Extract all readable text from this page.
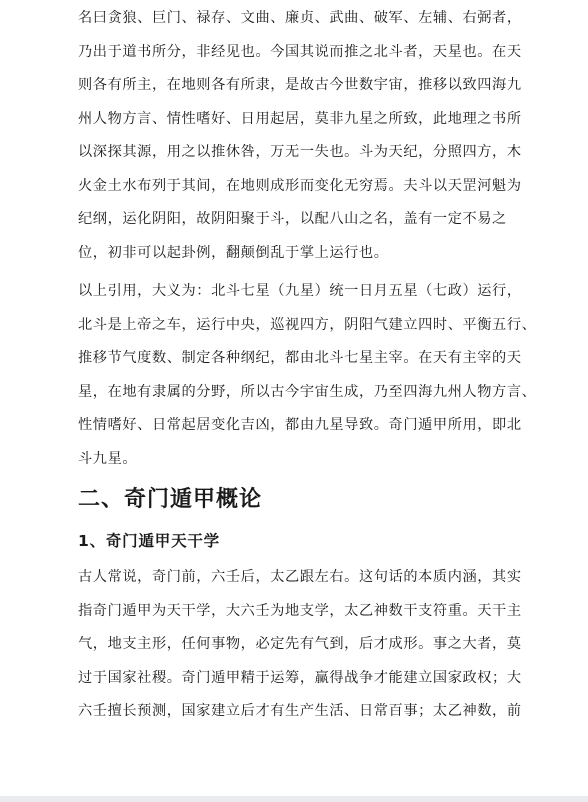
名曰贪狼、巨门、禄存、文曲、廉贞、武曲、破军、左辅、右弼者，
乃出于道书所分，非经见也。今国其说而推之北斗者，天星也。在天
则各有所主，在地则各有所隶，是故古今世数宇宙，推移以致四海九
州人物方言、情性嗜好、日用起居，莫非九星之所致，此地理之书所
以深探其源，用之以推休咎，万无一失也。斗为天纪，分照四方，木
火金土水布列于其间，在地则成形而变化无穷焉。夫斗以天罡河魁为
纪纲，运化阴阳，故阴阳聚于斗，以配八山之名，盖有一定不易之
位，初非可以起卦例，翻颠倒乱于掌上运行也。
以上引用，大义为：北斗七星（九星）统一日月五星（七政）运行，
北斗是上帝之车，运行中央，巡视四方，阴阳气建立四时、平衡五行、
推移节气度数、制定各种纲纪，都由北斗七星主宰。在天有主宰的天
星，在地有隶属的分野，所以古今宇宙生成，乃至四海九州人物方言、
性情嗜好、日常起居变化吉凶，都由九星导致。奇门遁甲所用，即北
斗九星。
二、奇门遁甲概论
1、奇门遁甲天干学
古人常说，奇门前，六壬后，太乙跟左右。这句话的本质内涵，其实
指奇门遁甲为天干学，大六壬为地支学，太乙神数干支符重。天干主
气，地支主形，任何事物，必定先有气到，后才成形。事之大者，莫
过于国家社稷。奇门遁甲精于运筹，赢得战争才能建立国家政权；大
六壬擅长预测，国家建立后才有生产生活、日常百事；太乙神数，前
